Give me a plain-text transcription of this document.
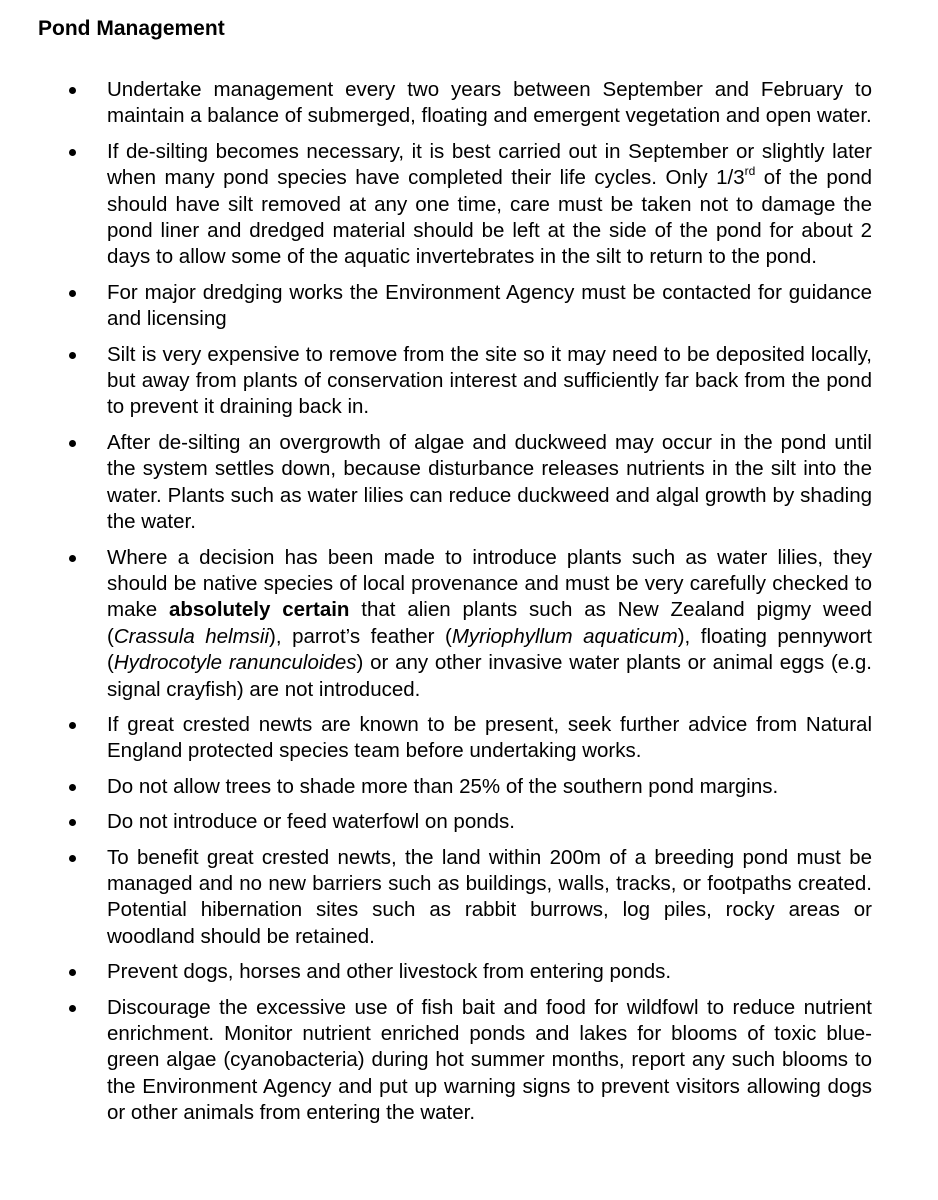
Pond Management
Undertake management every two years between September and February to maintain a balance of submerged, floating and emergent vegetation and open water.
If de-silting becomes necessary, it is best carried out in September or slightly later when many pond species have completed their life cycles. Only 1/3rd of the pond should have silt removed at any one time, care must be taken not to damage the pond liner and dredged material should be left at the side of the pond for about 2 days to allow some of the aquatic invertebrates in the silt to return to the pond.
For major dredging works the Environment Agency must be contacted for guidance and licensing
Silt is very expensive to remove from the site so it may need to be deposited locally, but away from plants of conservation interest and sufficiently far back from the pond to prevent it draining back in.
After de-silting an overgrowth of algae and duckweed may occur in the pond until the system settles down, because disturbance releases nutrients in the silt into the water. Plants such as water lilies can reduce duckweed and algal growth by shading the water.
Where a decision has been made to introduce plants such as water lilies, they should be native species of local provenance and must be very carefully checked to make absolutely certain that alien plants such as New Zealand pigmy weed (Crassula helmsii), parrot’s feather (Myriophyllum aquaticum), floating pennywort (Hydrocotyle ranunculoides) or any other invasive water plants or animal eggs (e.g. signal crayfish) are not introduced.
If great crested newts are known to be present, seek further advice from Natural England protected species team before undertaking works.
Do not allow trees to shade more than 25% of the southern pond margins.
Do not introduce or feed waterfowl on ponds.
To benefit great crested newts, the land within 200m of a breeding pond must be managed and no new barriers such as buildings, walls, tracks, or footpaths created. Potential hibernation sites such as rabbit burrows, log piles, rocky areas or woodland should be retained.
Prevent dogs, horses and other livestock from entering ponds.
Discourage the excessive use of fish bait and food for wildfowl to reduce nutrient enrichment. Monitor nutrient enriched ponds and lakes for blooms of toxic blue-green algae (cyanobacteria) during hot summer months, report any such blooms to the Environment Agency and put up warning signs to prevent visitors allowing dogs or other animals from entering the water.
